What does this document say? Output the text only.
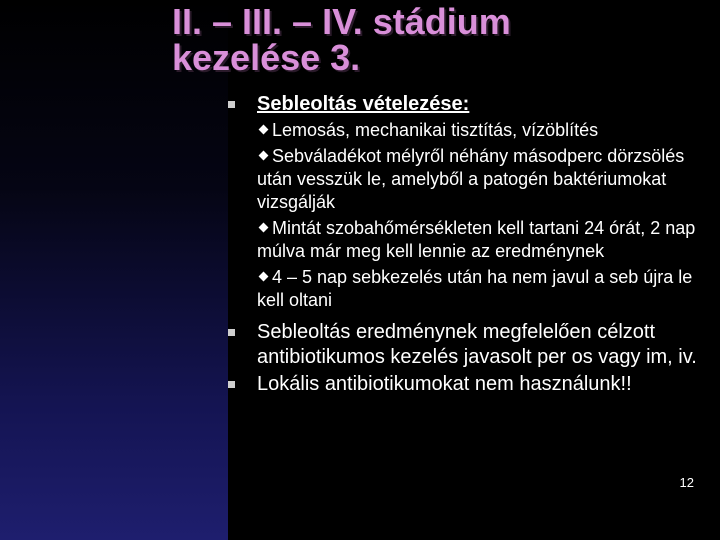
II. – III. – IV. stádium
kezelése 3.
Sebleoltás vételezése:
Lemosás, mechanikai tisztítás, vízöblítés
Sebváladékot mélyről néhány másodperc dörzsölés után vesszük le, amelyből a patogén baktériumokat vizsgálják
Mintát szobahőmérsékleten kell tartani 24 órát, 2 nap múlva már meg kell lennie az eredménynek
4 – 5 nap sebkezelés után ha nem javul a seb újra le kell oltani
Sebleoltás eredménynek megfelelően célzott antibiotikumos kezelés javasolt per os vagy im, iv.
Lokális antibiotikumokat nem használunk!!
12
